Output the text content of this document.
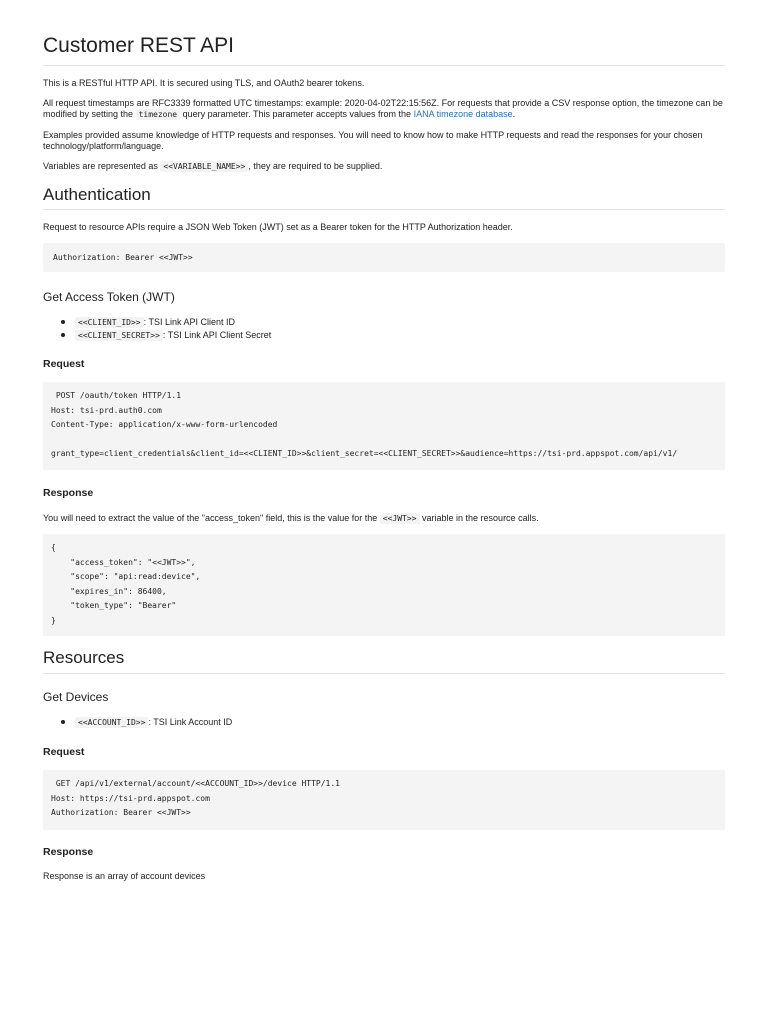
Customer REST API

This is a RESTful HTTP API. It is secured using TLS, and OAuth2 bearer tokens.

All request timestamps are RFC3339 formatted UTC timestamps: example: 2020-04-02T22:15:56Z. For requests that provide a CSV response option, the timezone can be modified by setting the timezone query parameter. This parameter accepts values from the IANA timezone database.

Examples provided assume knowledge of HTTP requests and responses. You will need to know how to make HTTP requests and read the responses for your chosen technology/platform/language.

Variables are represented as <<VARIABLE_NAME>> , they are required to be supplied.

Authentication

Request to resource APIs require a JSON Web Token (JWT) set as a Bearer token for the HTTP Authorization header.

Authorization: Bearer <<JWT>>
Get Access Token (JWT)
<<CLIENT_ID>> : TSI Link API Client ID
<<CLIENT_SECRET>> : TSI Link API Client Secret
Request
POST /oauth/token HTTP/1.1
Host: tsi-prd.auth0.com
Content-Type: application/x-www-form-urlencoded

grant_type=client_credentials&client_id=<<CLIENT_ID>>&client_secret=<<CLIENT_SECRET>>&audience=https://tsi-prd.appspot.com/api/v1/
Response

You will need to extract the value of the "access_token" field, this is the value for the <<JWT>> variable in the resource calls.

{
"access_token": "<<JWT>>",
"scope": "api:read:device",
"expires_in": 86400,
"token_type": "Bearer"
}
Resources
Get Devices
<<ACCOUNT_ID>> : TSI Link Account ID
Request
GET /api/v1/external/account/<<ACCOUNT_ID>>/device HTTP/1.1
Host: https://tsi-prd.appspot.com
Authorization: Bearer <<JWT>>
Response

Response is an array of account devices
